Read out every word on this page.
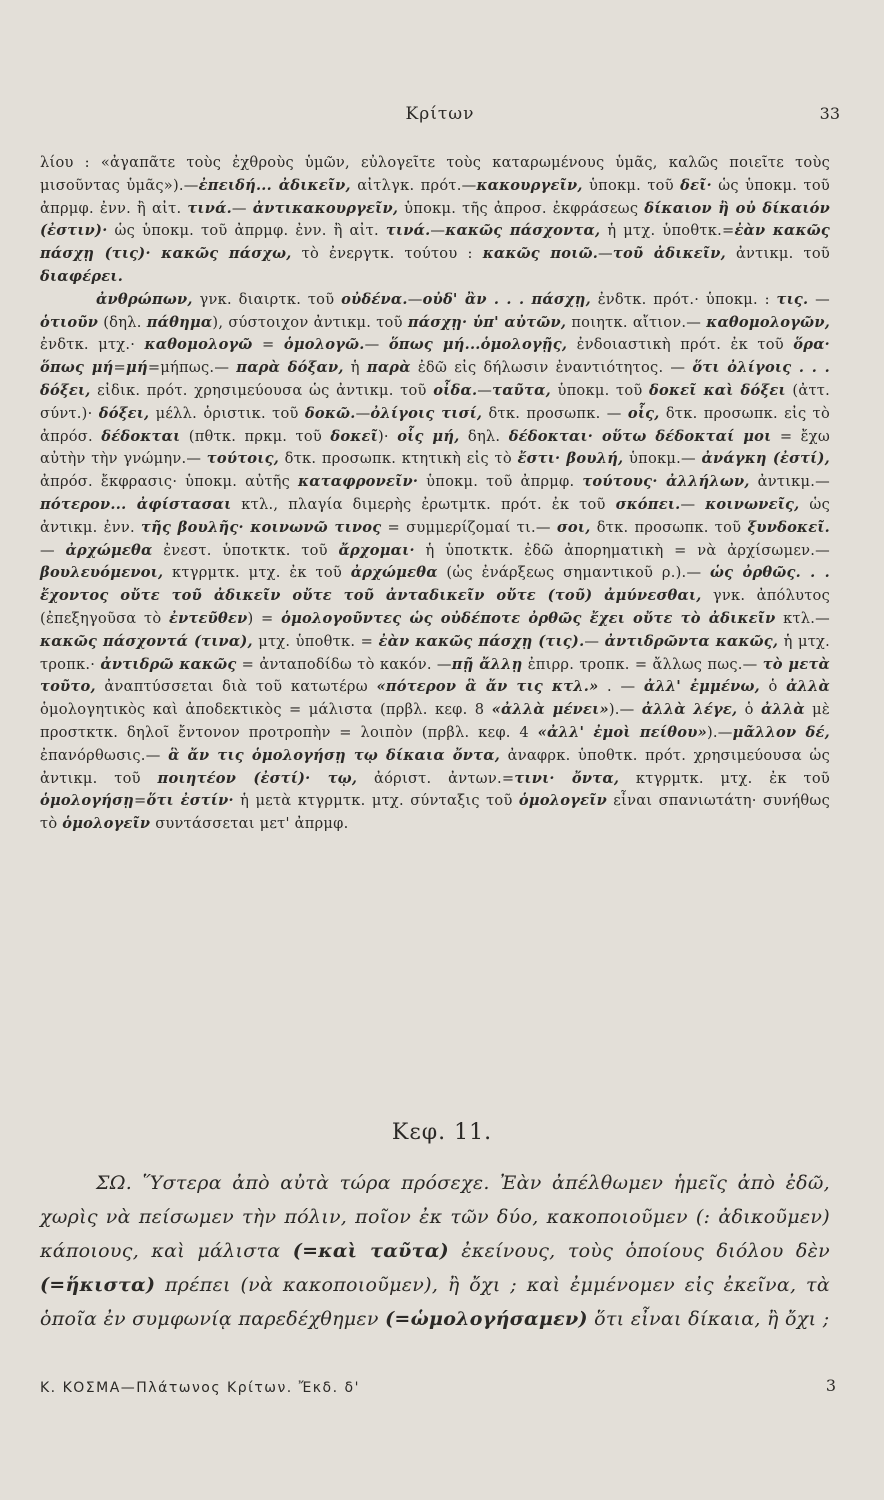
Κρίτων	33

λίου : «ἀγαπᾶτε τοὺς ἐχθροὺς ὑμῶν, εὐλογεῖτε τοὺς καταρωμένους ὑμᾶς, καλῶς ποιεῖτε τοὺς μισοῦντας ὑμᾶς»).—ἐπειδή... ἀδικεῖν, αἰτλγκ. πρότ.—κακουργεῖν, ὑποκμ. τοῦ δεῖ· ὡς ὑποκμ. τοῦ ἀπρμφ. ἐνν. ἢ αἰτ. τινά.— ἀντικακουργεῖν, ὑποκμ. τῆς ἀπροσ. ἐκφράσεως δίκαιον ἢ οὐ δίκαιόν (ἐστιν)· ὡς ὑποκμ. τοῦ ἀπρμφ. ἐνν. ἢ αἰτ. τινά.—κακῶς πάσχοντα, ἡ μτχ. ὑποθτκ.=ἐὰν κακῶς πάσχῃ (τις)· κακῶς πάσχω, τὸ ἐνεργτκ. τούτου : κακῶς ποιῶ.—τοῦ ἀδικεῖν, ἀντικμ. τοῦ διαφέρει.

ἀνθρώπων, γνκ. διαιρτκ. τοῦ οὐδένα.—οὐδ' ἂν . . . πάσχῃ, ἐνδτκ. πρότ.· ὑποκμ. : τις. — ὁτιοῦν (δηλ. πάθημα), σύστοιχον ἀντικμ. τοῦ πάσχῃ· ὑπ' αὐτῶν, ποιητκ. αἴτιον.— καθομολογῶν, ἐνδτκ. μτχ.· καθομολογῶ = ὁμολογῶ.— ὅπως μή...ὁμολογῇς, ἐνδοιαστικὴ πρότ. ἐκ τοῦ ὅρα· ὅπως μή=μή=μήπως.— παρὰ δόξαν, ἡ παρὰ ἐδῶ εἰς δήλωσιν ἐναντιότητος. — ὅτι ὀλίγοις . . . δόξει, εἰδικ. πρότ. χρησιμεύουσα ὡς ἀντικμ. τοῦ οἶδα.—ταῦτα, ὑποκμ. τοῦ δοκεῖ καὶ δόξει (ἀττ. σύντ.)· δόξει, μέλλ. ὁριστικ. τοῦ δοκῶ.—ὀλίγοις τισί, δτκ. προσωπκ. — οἷς, δτκ. προσωπκ. εἰς τὸ ἀπρόσ. δέδοκται (πθτκ. πρκμ. τοῦ δοκεῖ)· οἷς μή, δηλ. δέδοκται· οὕτω δέδοκταί μοι = ἔχω αὐτὴν τὴν γνώμην.— τούτοις, δτκ. προσωπκ. κτητικὴ εἰς τὸ ἔστι· βουλή, ὑποκμ.— ἀνάγκη (ἐστί), ἀπρόσ. ἔκφρασις· ὑποκμ. αὐτῆς καταφρονεῖν· ὑποκμ. τοῦ ἀπρμφ. τούτους· ἀλλήλων, ἀντικμ.— πότερον... ἀφίστασαι κτλ., πλαγία διμερὴς ἐρωτμτκ. πρότ. ἐκ τοῦ σκόπει.— κοινωνεῖς, ὡς ἀντικμ. ἐνν. τῆς βουλῆς· κοινωνῶ τινος = συμμερίζομαί τι.— σοι, δτκ. προσωπκ. τοῦ ξυνδοκεῖ. — ἀρχώμεθα ἐνεστ. ὑποτκτκ. τοῦ ἄρχομαι· ἡ ὑποτκτκ. ἐδῶ ἀπορηματικὴ = νὰ ἀρχίσωμεν.—βουλευόμενοι, κτγρμτκ. μτχ. ἐκ τοῦ ἀρχώμεθα (ὡς ἐνάρξεως σημαντικοῦ ρ.).— ὡς ὀρθῶς. . . ἔχοντος οὔτε τοῦ ἀδικεῖν οὔτε τοῦ ἀνταδικεῖν οὔτε (τοῦ) ἀμύνεσθαι, γνκ. ἀπόλυτος (ἐπεξηγοῦσα τὸ ἐντεῦθεν) = ὁμολογοῦντες ὡς οὐδέποτε ὀρθῶς ἔχει οὔτε τὸ ἀδικεῖν κτλ.— κακῶς πάσχοντά (τινα), μτχ. ὑποθτκ. = ἐὰν κακῶς πάσχῃ (τις).— ἀντιδρῶντα κακῶς, ἡ μτχ. τροπκ.· ἀντιδρῶ κακῶς = ἀνταποδίδω τὸ κακόν. —πῇ ἄλλῃ ἐπιρρ. τροπκ. = ἄλλως πως.— τὸ μετὰ τοῦτο, ἀναπτύσσεται διὰ τοῦ κατωτέρω «πότερον ἃ ἄν τις κτλ.» . — ἀλλ' ἐμμένω, ὁ ἀλλὰ ὁμολογητικὸς καὶ ἀποδεκτικὸς = μάλιστα (πρβλ. κεφ. 8 «ἀλλὰ μένει»).— ἀλλὰ λέγε, ὁ ἀλλὰ μὲ προστκτκ. δηλοῖ ἔντονον προτροπὴν = λοιπὸν (πρβλ. κεφ. 4 «ἀλλ' ἐμοὶ πείθου»).—μᾶλλον δέ, ἐπανόρθωσις.— ἃ ἄν τις ὁμολογήσῃ τῳ δίκαια ὄντα, ἀναφρκ. ὑποθτκ. πρότ. χρησιμεύουσα ὡς ἀντικμ. τοῦ ποιητέον (ἐστί)· τῳ, ἀόριστ. ἀντων.=τινι· ὄντα, κτγρμτκ. μτχ. ἐκ τοῦ ὁμολογήσῃ=ὅτι ἐστίν· ἡ μετὰ κτγρμτκ. μτχ. σύνταξις τοῦ ὁμολογεῖν εἶναι σπανιωτάτη· συνήθως τὸ ὁμολογεῖν συντάσσεται μετ' ἀπρμφ.

Κεφ. 11.

ΣΩ. Ὕστερα ἀπὸ αὐτὰ τώρα πρόσεχε. Ἐὰν ἀπέλθωμεν ἡμεῖς ἀπὸ ἐδῶ, χωρὶς νὰ πείσωμεν τὴν πόλιν, ποῖον ἐκ τῶν δύο, κακοποιοῦμεν (: ἀδικοῦμεν) κάποιους, καὶ μάλιστα (=καὶ ταῦτα) ἐκείνους, τοὺς ὁποίους διόλου δὲν (=ἥκιστα) πρέπει (νὰ κακοποιοῦμεν), ἢ ὄχι ; καὶ ἐμμένομεν εἰς ἐκεῖνα, τὰ ὁποῖα ἐν συμφωνίᾳ παρεδέχθημεν (=ὡμολογήσαμεν) ὅτι εἶναι δίκαια, ἢ ὄχι ;

Κ. ΚΟΣΜΑ—Πλάτωνος Κρίτων. Ἔκδ. δ'	3
